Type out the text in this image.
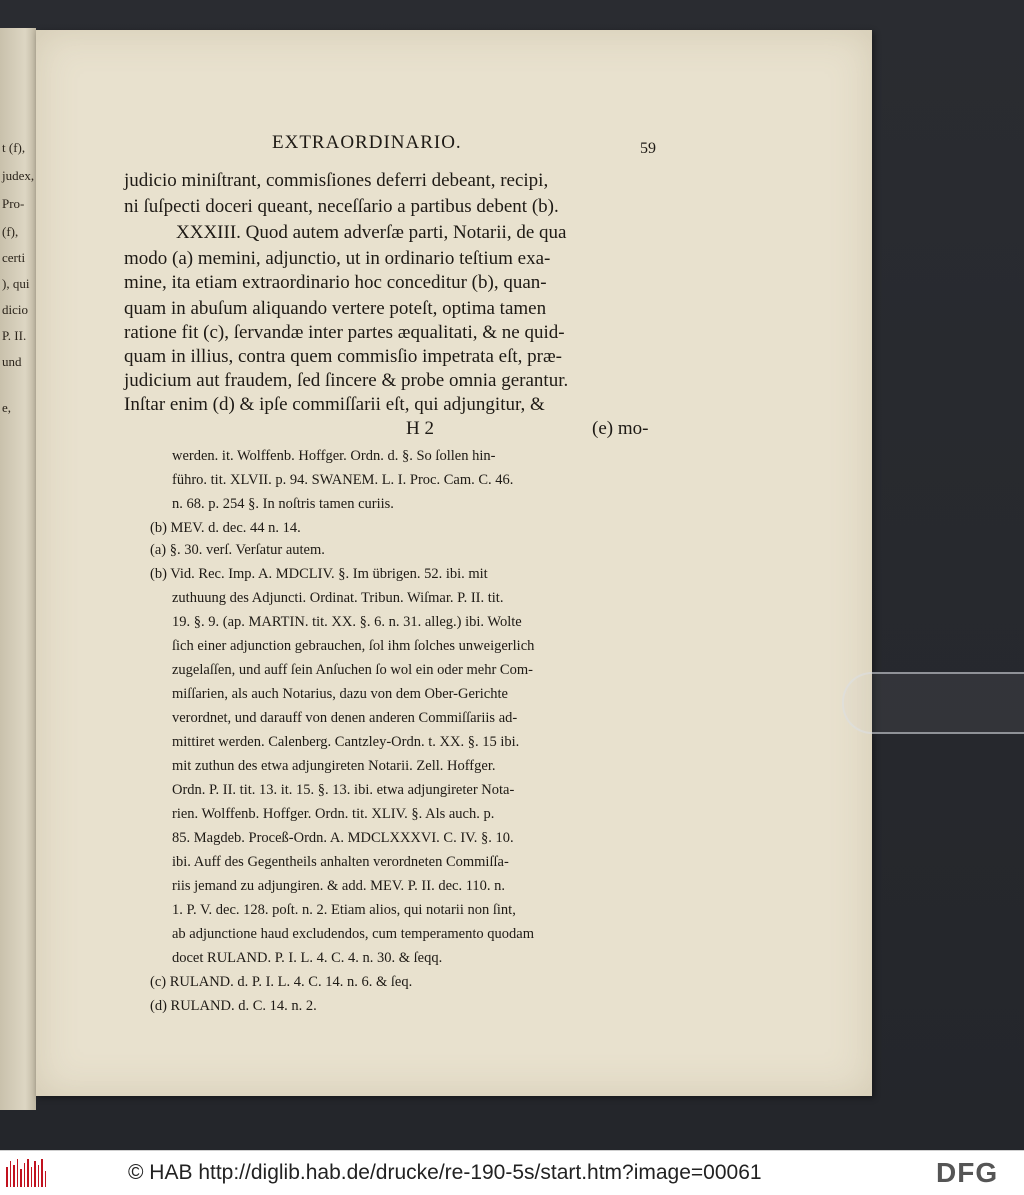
t (f),
judex,
Pro-
(f),
certi
), qui
dicio
P. II.
und
e,
EXTRAORDINARIO.	59
judicio miniſtrant, commisſiones deferri debeant, recipi,
ni ſuſpecti doceri queant, neceſſario a partibus debent (b).
XXXIII. Quod autem adverſæ parti, Notarii, de qua
modo (a) memini, adjunctio, ut in ordinario teſtium exa-
mine, ita etiam extraordinario hoc conceditur (b), quan-
quam in abuſum aliquando vertere poteſt, optima tamen
ratione fit (c), ſervandæ inter partes æqualitati, & ne quid-
quam in illius, contra quem commisſio impetrata eſt, præ-
judicium aut fraudem, ſed ſincere & probe omnia gerantur.
Inſtar enim (d) & ipſe commiſſarii eſt, qui adjungitur, &
H 2	(e) mo-
werden. it. Wolffenb. Hoffger. Ordn. d. §. So ſollen hin-
führo. tit. XLVII. p. 94. SWANEM. L. I. Proc. Cam. C. 46.
n. 68. p. 254 §. In noſtris tamen curiis.
(b) MEV. d. dec. 44 n. 14.
(a) §. 30. verſ. Verſatur autem.
(b) Vid. Rec. Imp. A. MDCLIV. §. Im übrigen. 52. ibi. mit
zuthuung des Adjuncti. Ordinat. Tribun. Wiſmar. P. II. tit.
19. §. 9. (ap. MARTIN. tit. XX. §. 6. n. 31. alleg.) ibi. Wolte
ſich einer adjunction gebrauchen, ſol ihm ſolches unweigerlich
zugelaſſen, und auff ſein Anſuchen ſo wol ein oder mehr Com-
miſſarien, als auch Notarius, dazu von dem Ober-Gerichte
verordnet, und darauff von denen anderen Commiſſariis ad-
mittiret werden. Calenberg. Cantzley-Ordn. t. XX. §. 15 ibi.
mit zuthun des etwa adjungireten Notarii. Zell. Hoffger.
Ordn. P. II. tit. 13. it. 15. §. 13. ibi. etwa adjungireter Nota-
rien. Wolffenb. Hoffger. Ordn. tit. XLIV. §. Als auch. p.
85. Magdeb. Proceß-Ordn. A. MDCLXXXVI. C. IV. §. 10.
ibi. Auff des Gegentheils anhalten verordneten Commiſſa-
riis jemand zu adjungiren. & add. MEV. P. II. dec. 110. n.
1. P. V. dec. 128. poſt. n. 2. Etiam alios, qui notarii non ſint,
ab adjunctione haud excludendos, cum temperamento quodam
docet RULAND. P. I. L. 4. C. 4. n. 30. & ſeqq.
(c) RULAND. d. P. I. L. 4. C. 14. n. 6. & ſeq.
(d) RULAND. d. C. 14. n. 2.
© HAB http://diglib.hab.de/drucke/re-190-5s/start.htm?image=00061	DFG
